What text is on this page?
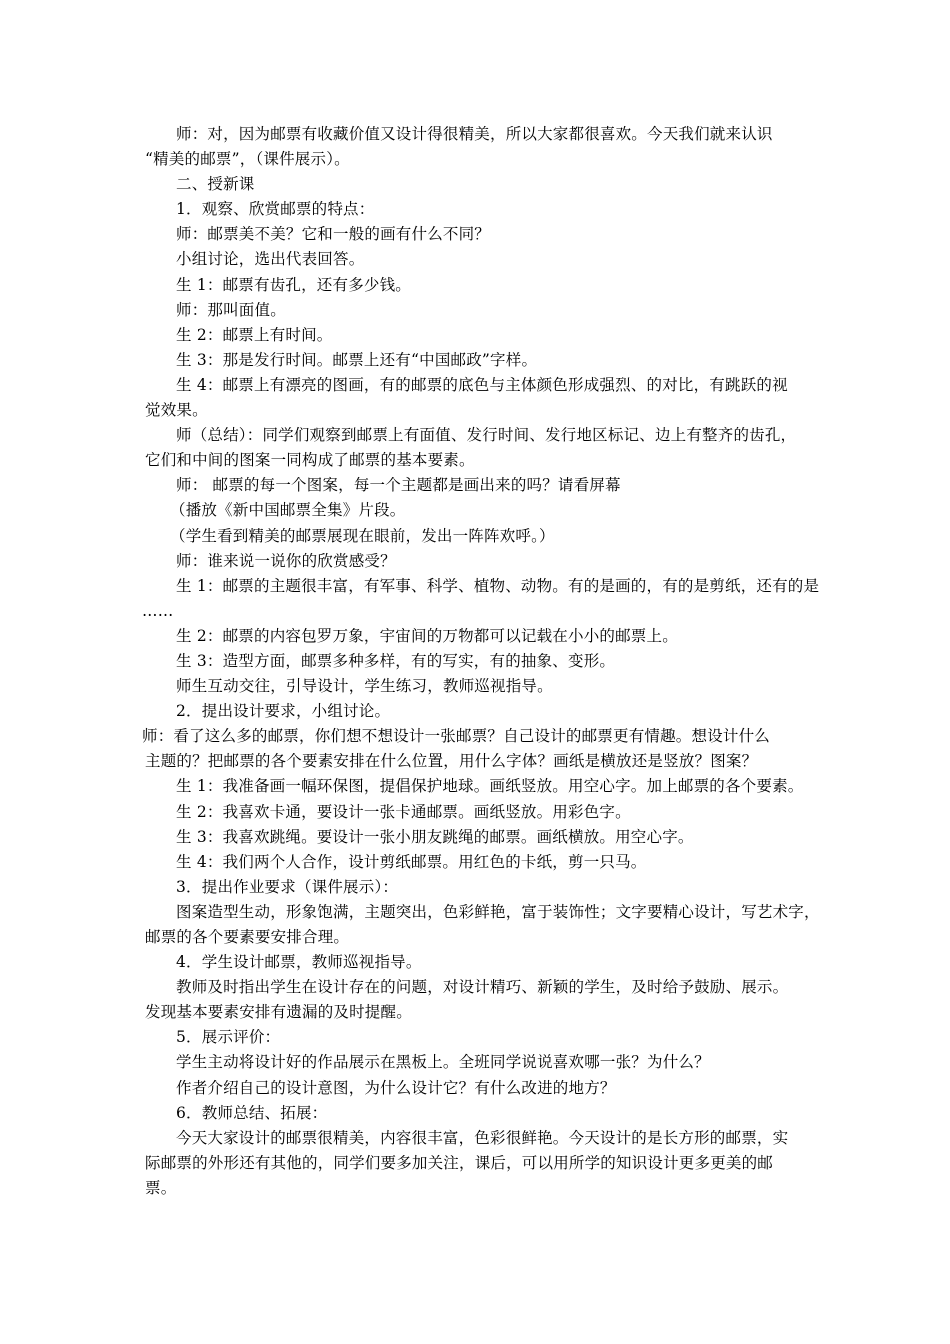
师：对，因为邮票有收藏价值又设计得很精美，所以大家都很喜欢。今天我们就来认识
“精美的邮票”，（课件展示）。
二、授新课
1．观察、欣赏邮票的特点：
师：邮票美不美？它和一般的画有什么不同？
小组讨论，选出代表回答。
生 1：邮票有齿孔，还有多少钱。
师：那叫面值。
生 2：邮票上有时间。
生 3：那是发行时间。邮票上还有“中国邮政”字样。
生 4：邮票上有漂亮的图画，有的邮票的底色与主体颜色形成强烈、的对比，有跳跃的视
觉效果。
师（总结）：同学们观察到邮票上有面值、发行时间、发行地区标记、边上有整齐的齿孔，
它们和中间的图案一同构成了邮票的基本要素。
师： 邮票的每一个图案，每一个主题都是画出来的吗？请看屏幕
（播放《新中国邮票全集》片段。
（学生看到精美的邮票展现在眼前，发出一阵阵欢呼。）
师：谁来说一说你的欣赏感受？
生 1：邮票的主题很丰富，有军事、科学、植物、动物。有的是画的，有的是剪纸，还有的是
……
生 2：邮票的内容包罗万象，宇宙间的万物都可以记载在小小的邮票上。
生 3：造型方面，邮票多种多样，有的写实，有的抽象、变形。
师生互动交往，引导设计，学生练习，教师巡视指导。
2．提出设计要求，小组讨论。
师：看了这么多的邮票，你们想不想设计一张邮票？自己设计的邮票更有情趣。想设计什么
主题的？把邮票的各个要素安排在什么位置，用什么字体？画纸是横放还是竖放？图案？
生 1：我准备画一幅环保图，提倡保护地球。画纸竖放。用空心字。加上邮票的各个要素。
生 2：我喜欢卡通，要设计一张卡通邮票。画纸竖放。用彩色字。
生 3：我喜欢跳绳。要设计一张小朋友跳绳的邮票。画纸横放。用空心字。
生 4：我们两个人合作，设计剪纸邮票。用红色的卡纸，剪一只马。
3．提出作业要求（课件展示）：
图案造型生动，形象饱满，主题突出，色彩鲜艳，富于装饰性；文字要精心设计，写艺术字，
邮票的各个要素要安排合理。
4．学生设计邮票，教师巡视指导。
教师及时指出学生在设计存在的问题，对设计精巧、新颖的学生，及时给予鼓励、展示。
发现基本要素安排有遗漏的及时提醒。
5．展示评价：
学生主动将设计好的作品展示在黑板上。全班同学说说喜欢哪一张？为什么？
作者介绍自己的设计意图，为什么设计它？有什么改进的地方？
6．教师总结、拓展：
今天大家设计的邮票很精美，内容很丰富，色彩很鲜艳。今天设计的是长方形的邮票，实
际邮票的外形还有其他的，同学们要多加关注，课后，可以用所学的知识设计更多更美的邮
票。
